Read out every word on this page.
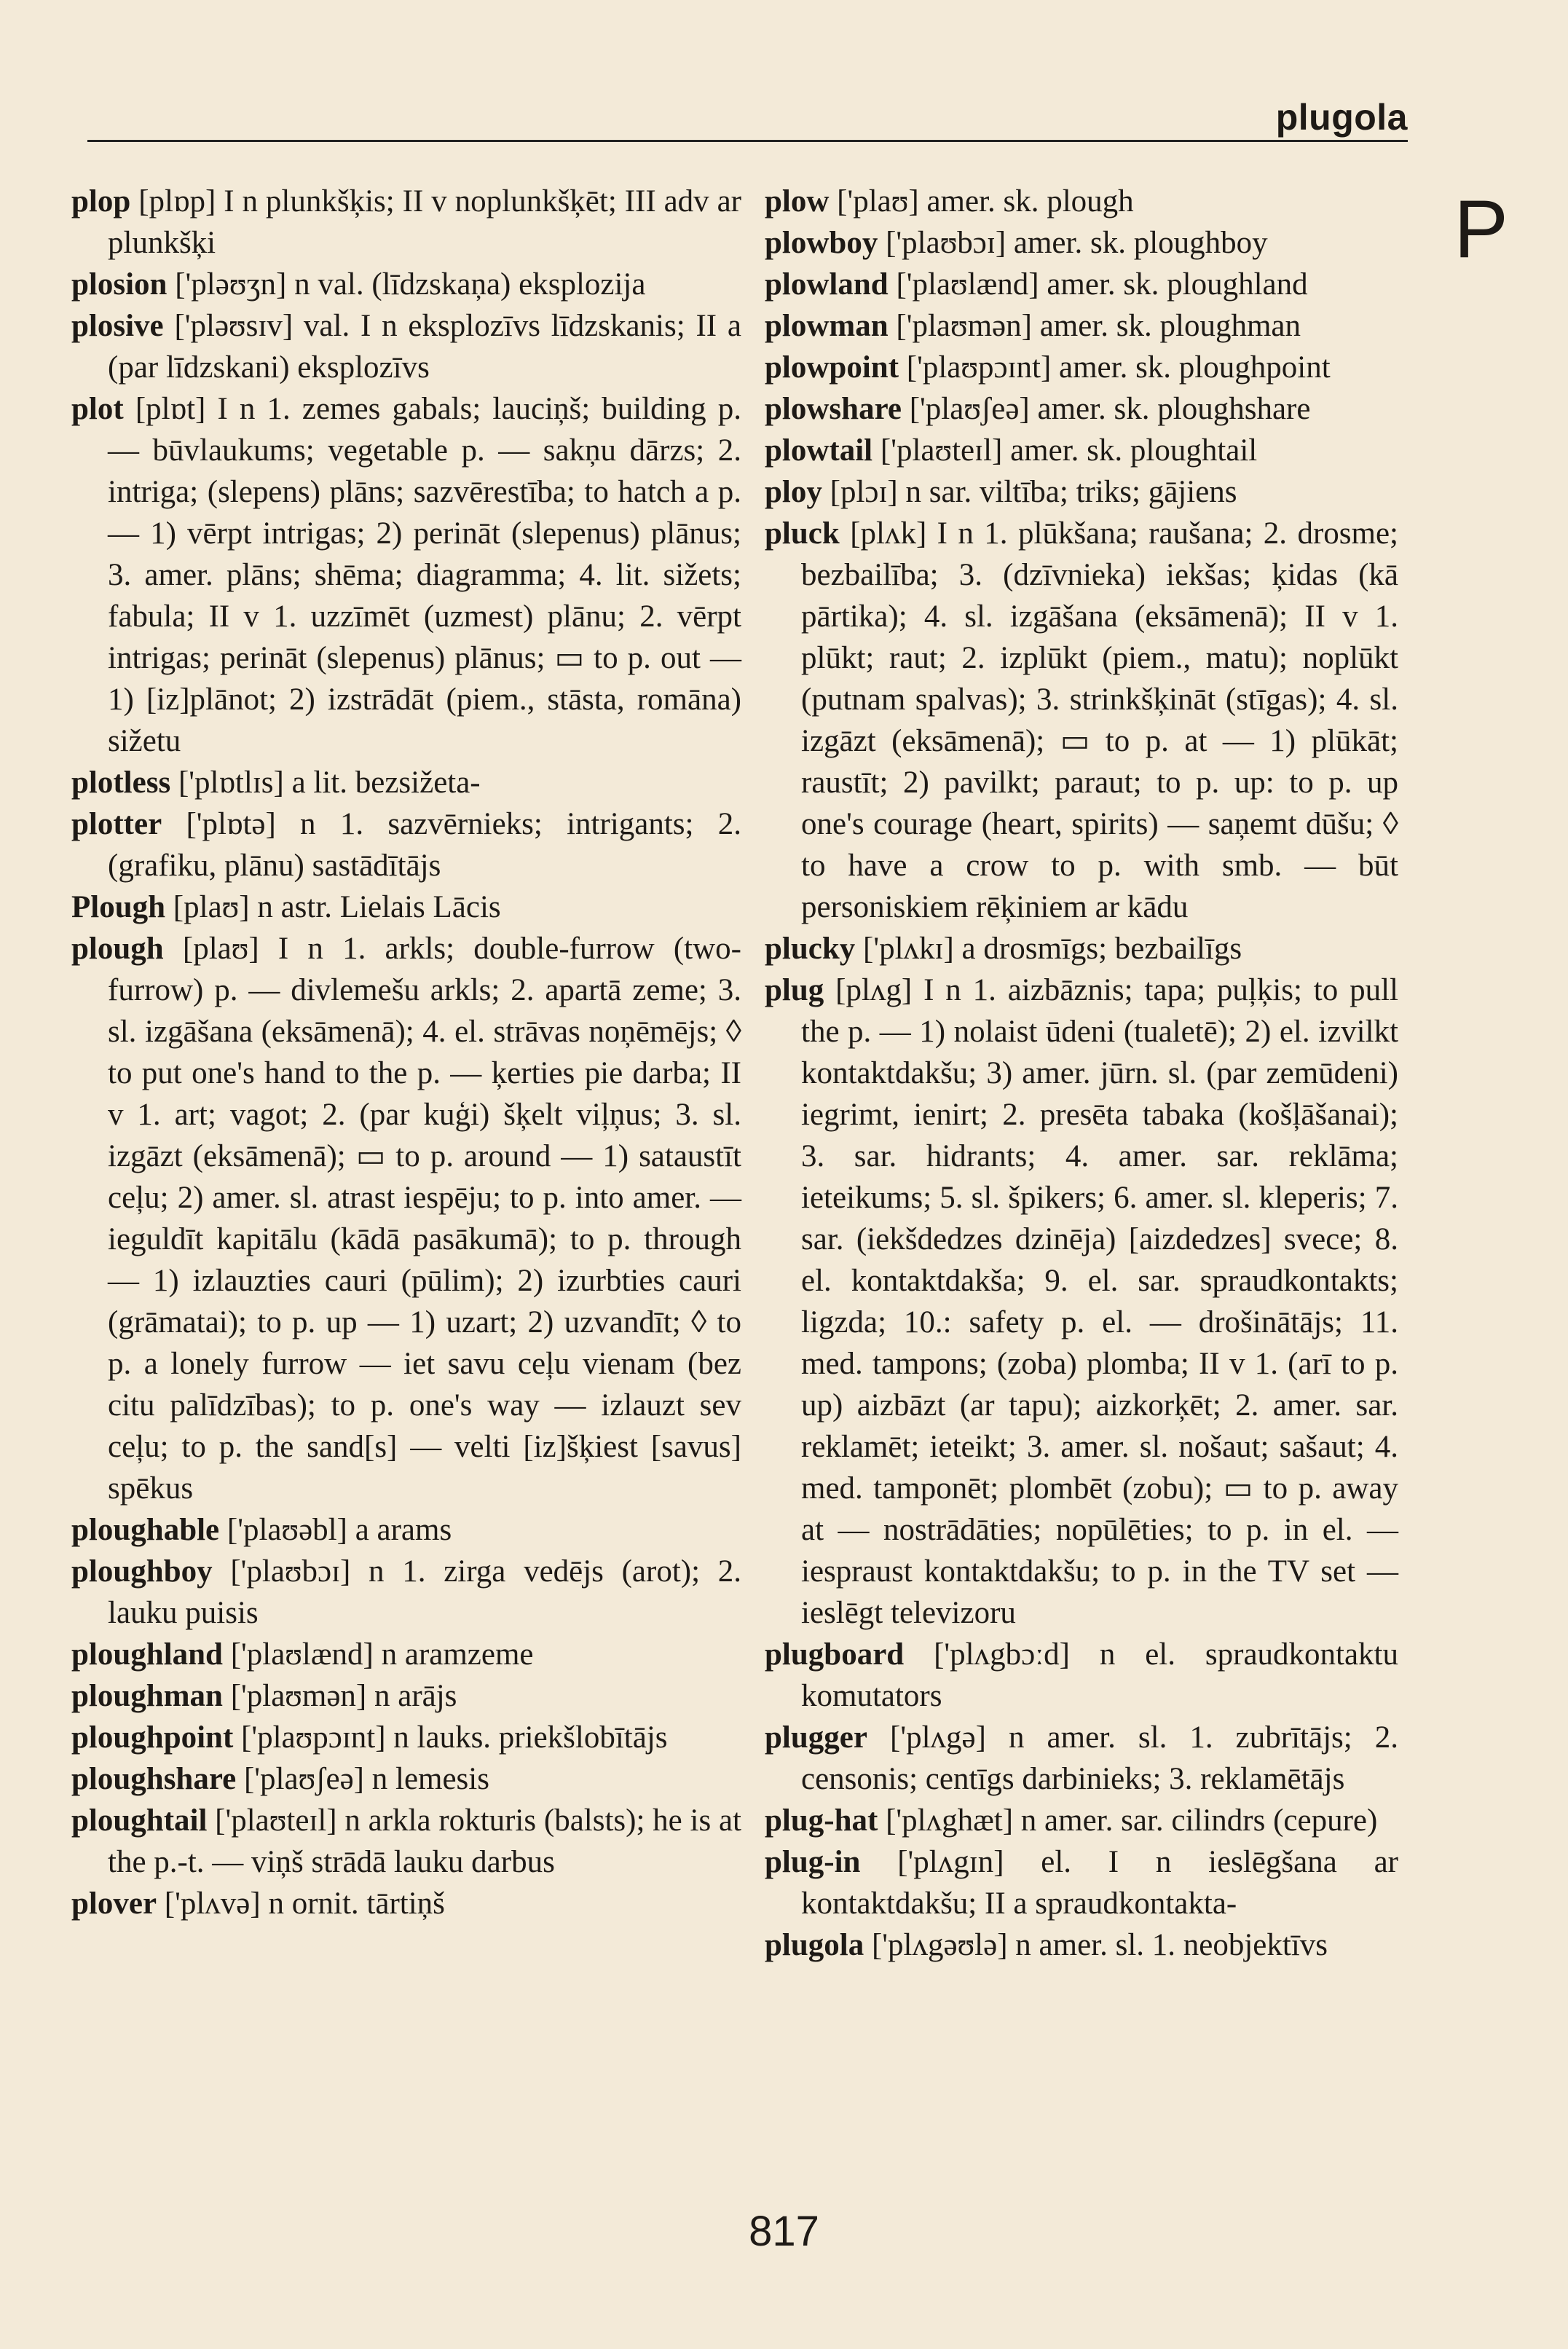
plugola
P

plop [plɒp] I n plunkšķis; II v noplunkšķēt; III adv ar plunkšķi

plosion ['pləʊʒn] n val. (līdzskaņa) eksplozija

plosive ['pləʊsɪv] val. I n eksplozīvs līdzskanis; II a (par līdzskani) eksplozīvs

plot [plɒt] I n 1. zemes gabals; lauciņš; building p. — būvlaukums; vegetable p. — sakņu dārzs; 2. intriga; (slepens) plāns; sazvērestība; to hatch a p. — 1) vērpt intrigas; 2) perināt (slepenus) plānus; 3. amer. plāns; shēma; diagramma; 4. lit. sižets; fabula; II v 1. uzzīmēt (uzmest) plānu; 2. vērpt intrigas; perināt (slepenus) plānus; ▭ to p. out — 1) [iz]plānot; 2) izstrādāt (piem., stāsta, romāna) sižetu

plotless ['plɒtlɪs] a lit. bezsižeta-

plotter ['plɒtə] n 1. sazvērnieks; intrigants; 2. (grafiku, plānu) sastādītājs

Plough [plaʊ] n astr. Lielais Lācis

plough [plaʊ] I n 1. arkls; double-furrow (two-furrow) p. — divlemešu arkls; 2. apartā zeme; 3. sl. izgāšana (eksāmenā); 4. el. strāvas noņēmējs; ◊ to put one's hand to the p. — ķerties pie darba; II v 1. art; vagot; 2. (par kuģi) šķelt viļņus; 3. sl. izgāzt (eksāmenā); ▭ to p. around — 1) sataustīt ceļu; 2) amer. sl. atrast iespēju; to p. into amer. — ieguldīt kapitālu (kādā pasākumā); to p. through — 1) izlauzties cauri (pūlim); 2) izurbties cauri (grāmatai); to p. up — 1) uzart; 2) uzvandīt; ◊ to p. a lonely furrow — iet savu ceļu vienam (bez citu palīdzības); to p. one's way — izlauzt sev ceļu; to p. the sand[s] — velti [iz]šķiest [savus] spēkus

ploughable ['plaʊəbl] a arams

ploughboy ['plaʊbɔɪ] n 1. zirga vedējs (arot); 2. lauku puisis

ploughland ['plaʊlænd] n aramzeme

ploughman ['plaʊmən] n arājs

ploughpoint ['plaʊpɔɪnt] n lauks. priekšlobītājs

ploughshare ['plaʊʃeə] n lemesis

ploughtail ['plaʊteɪl] n arkla rokturis (balsts); he is at the p.-t. — viņš strādā lauku darbus

plover ['plʌvə] n ornit. tārtiņš

plow ['plaʊ] amer. sk. plough

plowboy ['plaʊbɔɪ] amer. sk. ploughboy

plowland ['plaʊlænd] amer. sk. ploughland

plowman ['plaʊmən] amer. sk. ploughman

plowpoint ['plaʊpɔɪnt] amer. sk. ploughpoint

plowshare ['plaʊʃeə] amer. sk. ploughshare

plowtail ['plaʊteɪl] amer. sk. ploughtail

ploy [plɔɪ] n sar. viltība; triks; gājiens

pluck [plʌk] I n 1. plūkšana; raušana; 2. drosme; bezbailība; 3. (dzīvnieka) iekšas; ķidas (kā pārtika); 4. sl. izgāšana (eksāmenā); II v 1. plūkt; raut; 2. izplūkt (piem., matu); noplūkt (putnam spalvas); 3. strinkšķināt (stīgas); 4. sl. izgāzt (eksāmenā); ▭ to p. at — 1) plūkāt; raustīt; 2) pavilkt; paraut; to p. up: to p. up one's courage (heart, spirits) — saņemt dūšu; ◊ to have a crow to p. with smb. — būt personiskiem rēķiniem ar kādu

plucky ['plʌkɪ] a drosmīgs; bezbailīgs

plug [plʌg] I n 1. aizbāznis; tapa; puļķis; to pull the p. — 1) nolaist ūdeni (tualetē); 2) el. izvilkt kontaktdakšu; 3) amer. jūrn. sl. (par zemūdeni) iegrimt, ienirt; 2. presēta tabaka (košļāšanai); 3. sar. hidrants; 4. amer. sar. reklāma; ieteikums; 5. sl. špikers; 6. amer. sl. kleperis; 7. sar. (iekšdedzes dzinēja) [aizdedzes] svece; 8. el. kontaktdakša; 9. el. sar. spraudkontakts; ligzda; 10.: safety p. el. — drošinātājs; 11. med. tampons; (zoba) plomba; II v 1. (arī to p. up) aizbāzt (ar tapu); aizkorķēt; 2. amer. sar. reklamēt; ieteikt; 3. amer. sl. nošaut; sašaut; 4. med. tamponēt; plombēt (zobu); ▭ to p. away at — nostrādāties; nopūlēties; to p. in el. — iespraust kontaktdakšu; to p. in the TV set — ieslēgt televizoru

plugboard ['plʌgbɔːd] n el. spraudkontaktu komutators

plugger ['plʌgə] n amer. sl. 1. zubrītājs; 2. censonis; centīgs darbinieks; 3. reklamētājs

plug-hat ['plʌghæt] n amer. sar. cilindrs (cepure)

plug-in ['plʌgɪn] el. I n ieslēgšana ar kontaktdakšu; II a spraudkontakta-

plugola ['plʌgəʊlə] n amer. sl. 1. neobjektīvs

817
